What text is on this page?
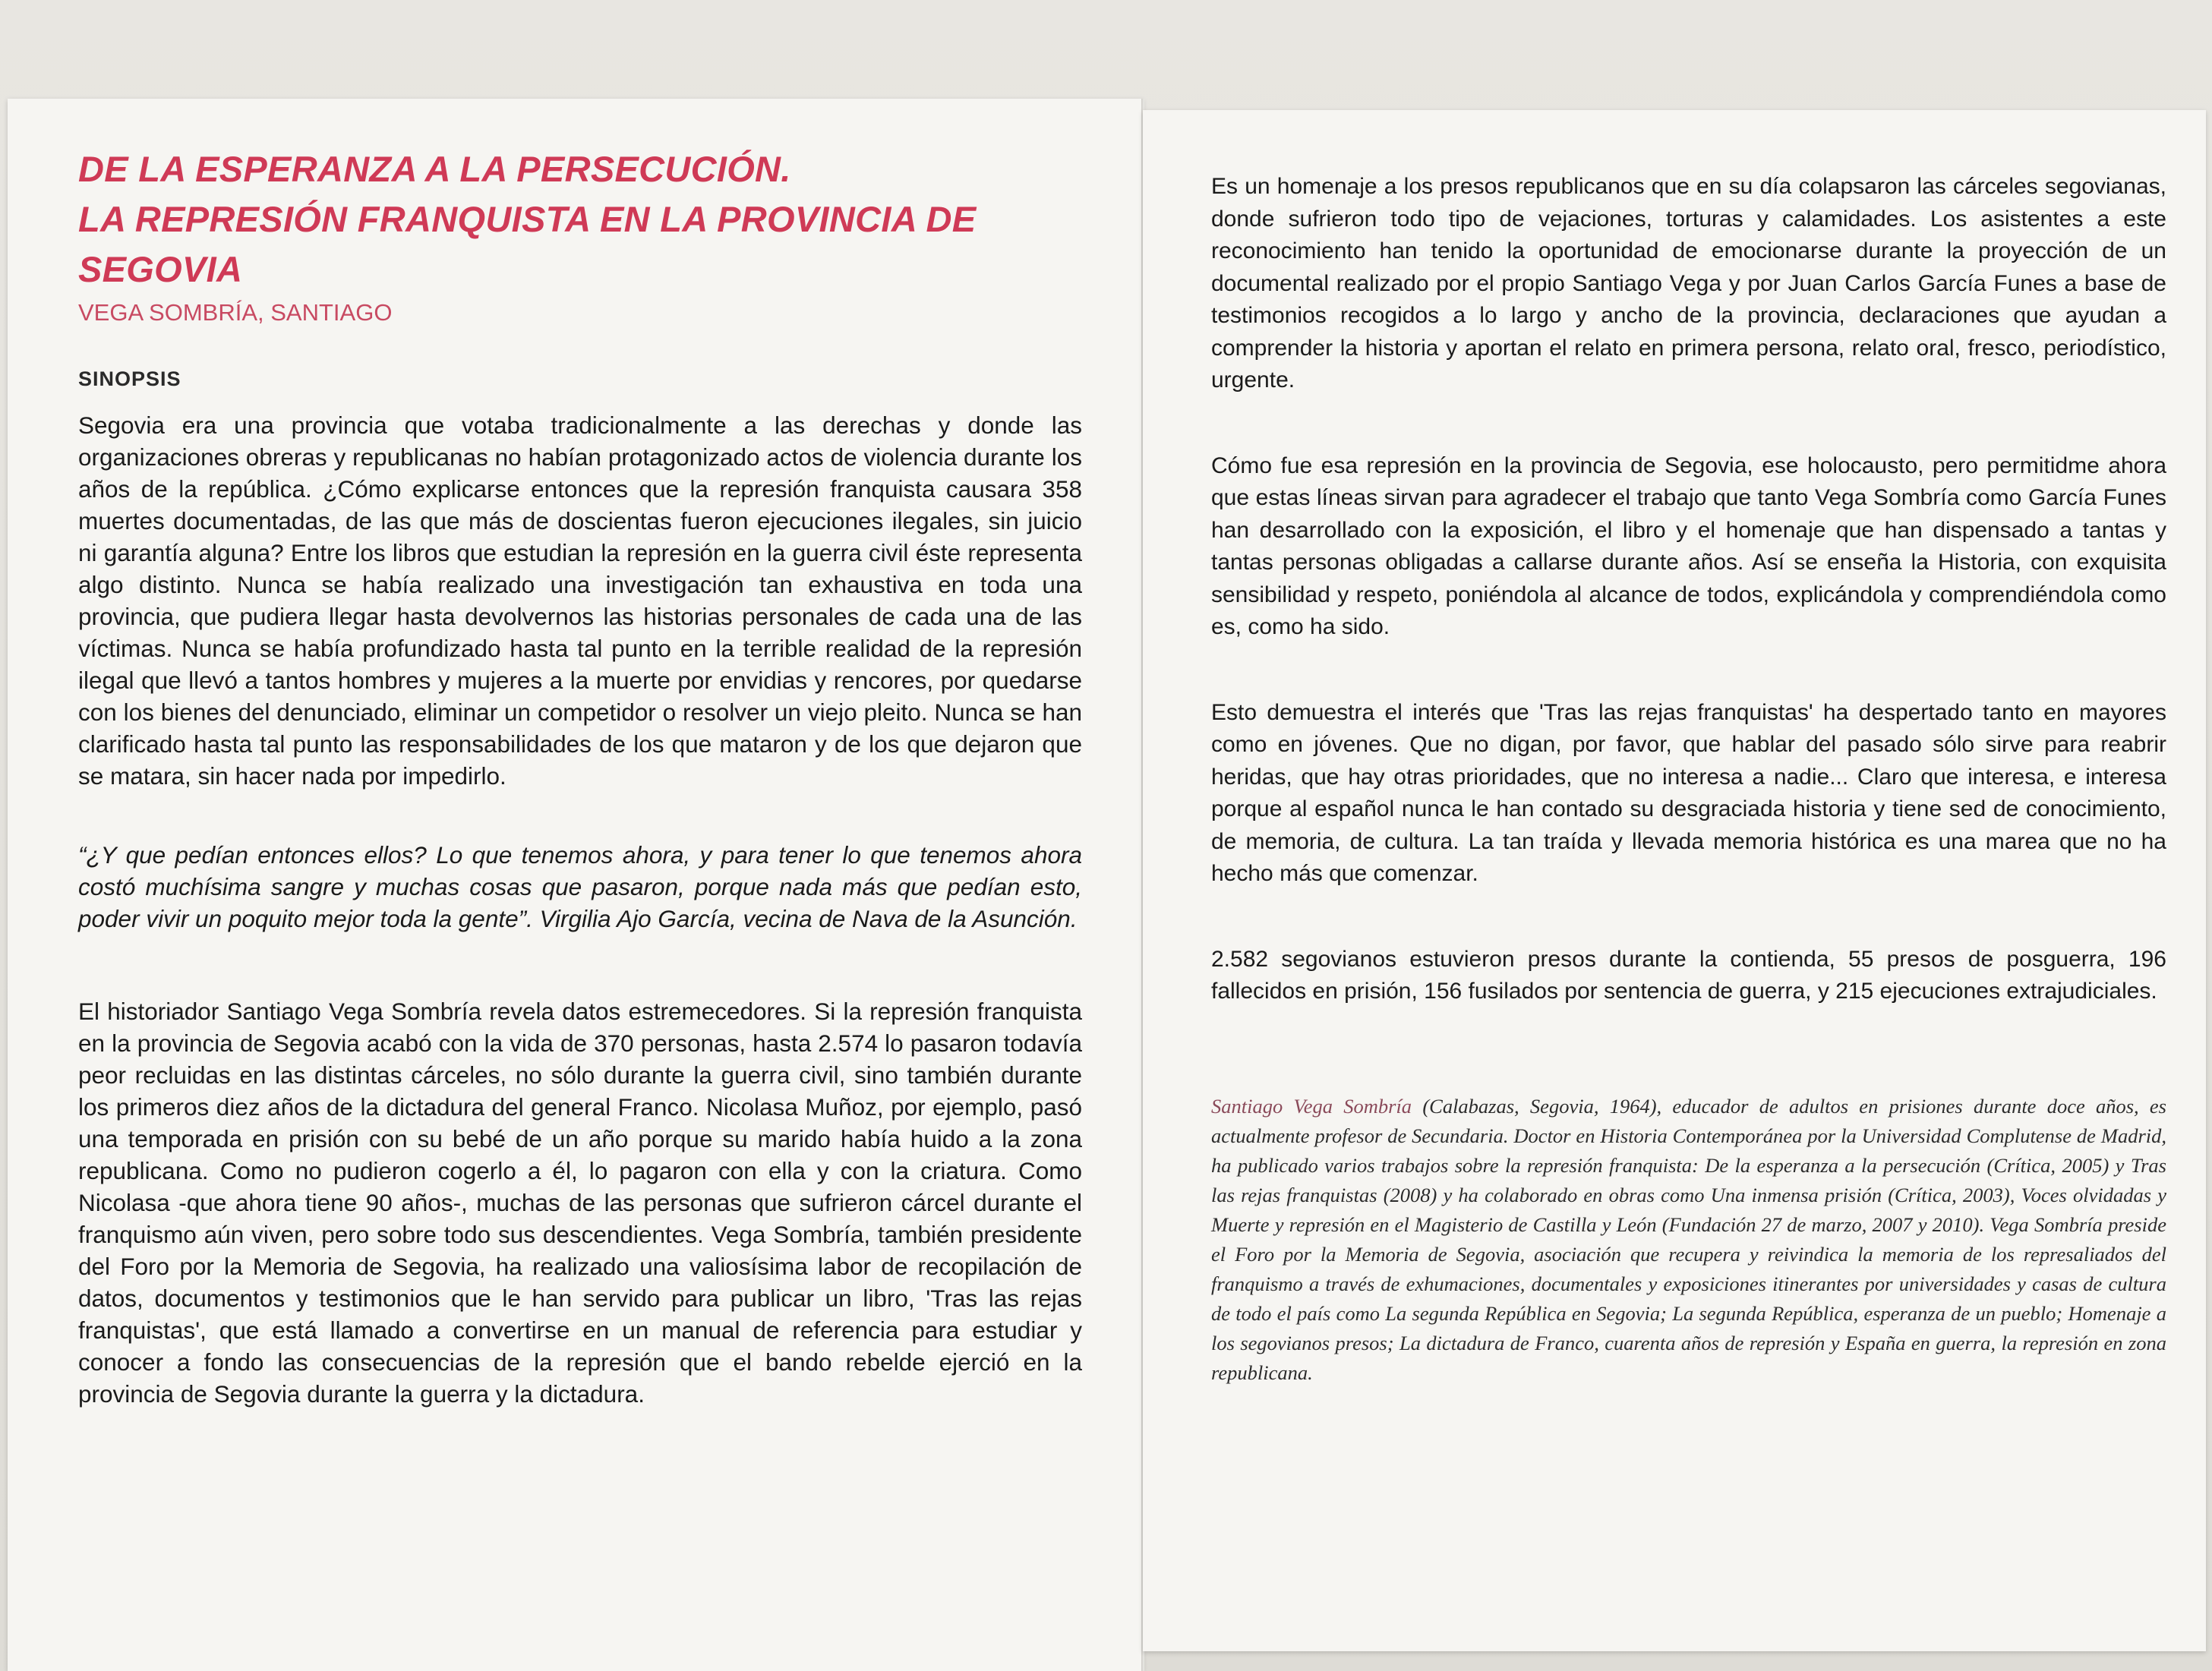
DE LA ESPERANZA A LA PERSECUCIÓN.
LA REPRESIÓN FRANQUISTA EN LA PROVINCIA DE SEGOVIA

VEGA SOMBRÍA, SANTIAGO

SINOPSIS

Segovia era una provincia que votaba tradicionalmente a las derechas y donde las organizaciones obreras y republicanas no habían protagonizado actos de violencia durante los años de la república. ¿Cómo explicarse entonces que la represión franquista causara 358 muertes documentadas, de las que más de doscientas fueron ejecuciones ilegales, sin juicio ni garantía alguna? Entre los libros que estudian la represión en la guerra civil éste representa algo distinto. Nunca se había realizado una investigación tan exhaustiva en toda una provincia, que pudiera llegar hasta devolvernos las historias personales de cada una de las víctimas. Nunca se había profundizado hasta tal punto en la terrible realidad de la represión ilegal que llevó a tantos hombres y mujeres a la muerte por envidias y rencores, por quedarse con los bienes del denunciado, eliminar un competidor o resolver un viejo pleito. Nunca se han clarificado hasta tal punto las responsabilidades de los que mataron y de los que dejaron que se matara, sin hacer nada por impedirlo.

“¿Y que pedían entonces ellos? Lo que tenemos ahora, y para tener lo que tenemos ahora costó muchísima sangre y muchas cosas que pasaron, porque nada más que pedían esto, poder vivir un poquito mejor toda la gente”. Virgilia Ajo García, vecina de Nava de la Asunción.

El historiador Santiago Vega Sombría revela datos estremecedores. Si la represión franquista en la provincia de Segovia acabó con la vida de 370 personas, hasta 2.574 lo pasaron todavía peor recluidas en las distintas cárceles, no sólo durante la guerra civil, sino también durante los primeros diez años de la dictadura del general Franco. Nicolasa Muñoz, por ejemplo, pasó una temporada en prisión con su bebé de un año porque su marido había huido a la zona republicana. Como no pudieron cogerlo a él, lo pagaron con ella y con la criatura. Como Nicolasa -que ahora tiene 90 años-, muchas de las personas que sufrieron cárcel durante el franquismo aún viven, pero sobre todo sus descendientes. Vega Sombría, también presidente del Foro por la Memoria de Segovia, ha realizado una valiosísima labor de recopilación de datos, documentos y testimonios que le han servido para publicar un libro, 'Tras las rejas franquistas', que está llamado a convertirse en un manual de referencia para estudiar y conocer a fondo las consecuencias de la represión que el bando rebelde ejerció en la provincia de Segovia durante la guerra y la dictadura.

Es un homenaje a los presos republicanos que en su día colapsaron las cárceles segovianas, donde sufrieron todo tipo de vejaciones, torturas y calamidades. Los asistentes a este reconocimiento han tenido la oportunidad de emocionarse durante la proyección de un documental realizado por el propio Santiago Vega y por Juan Carlos García Funes a base de testimonios recogidos a lo largo y ancho de la provincia, declaraciones que ayudan a comprender la historia y aportan el relato en primera persona, relato oral, fresco, periodístico, urgente.

Cómo fue esa represión en la provincia de Segovia, ese holocausto, pero permitidme ahora que estas líneas sirvan para agradecer el trabajo que tanto Vega Sombría como García Funes han desarrollado con la exposición, el libro y el homenaje que han dispensado a tantas y tantas personas obligadas a callarse durante años. Así se enseña la Historia, con exquisita sensibilidad y respeto, poniéndola al alcance de todos, explicándola y comprendiéndola como es, como ha sido.

Esto demuestra el interés que 'Tras las rejas franquistas' ha despertado tanto en mayores como en jóvenes. Que no digan, por favor, que hablar del pasado sólo sirve para reabrir heridas, que hay otras prioridades, que no interesa a nadie... Claro que interesa, e interesa porque al español nunca le han contado su desgraciada historia y tiene sed de conocimiento, de memoria, de cultura. La tan traída y llevada memoria histórica es una marea que no ha hecho más que comenzar.

2.582 segovianos estuvieron presos durante la contienda, 55 presos de posguerra, 196 fallecidos en prisión, 156 fusilados por sentencia de guerra, y 215 ejecuciones extrajudiciales.

Santiago Vega Sombría (Calabazas, Segovia, 1964), educador de adultos en prisiones durante doce años, es actualmente profesor de Secundaria. Doctor en Historia Contemporánea por la Universidad Complutense de Madrid, ha publicado varios trabajos sobre la represión franquista: De la esperanza a la persecución (Crítica, 2005) y Tras las rejas franquistas (2008) y ha colaborado en obras como Una inmensa prisión (Crítica, 2003), Voces olvidadas y Muerte y represión en el Magisterio de Castilla y León (Fundación 27 de marzo, 2007 y 2010). Vega Sombría preside el Foro por la Memoria de Segovia, asociación que recupera y reivindica la memoria de los represaliados del franquismo a través de exhumaciones, documentales y exposiciones itinerantes por universidades y casas de cultura de todo el país como La segunda República en Segovia; La segunda República, esperanza de un pueblo; Homenaje a los segovianos presos; La dictadura de Franco, cuarenta años de represión y España en guerra, la represión en zona republicana.
